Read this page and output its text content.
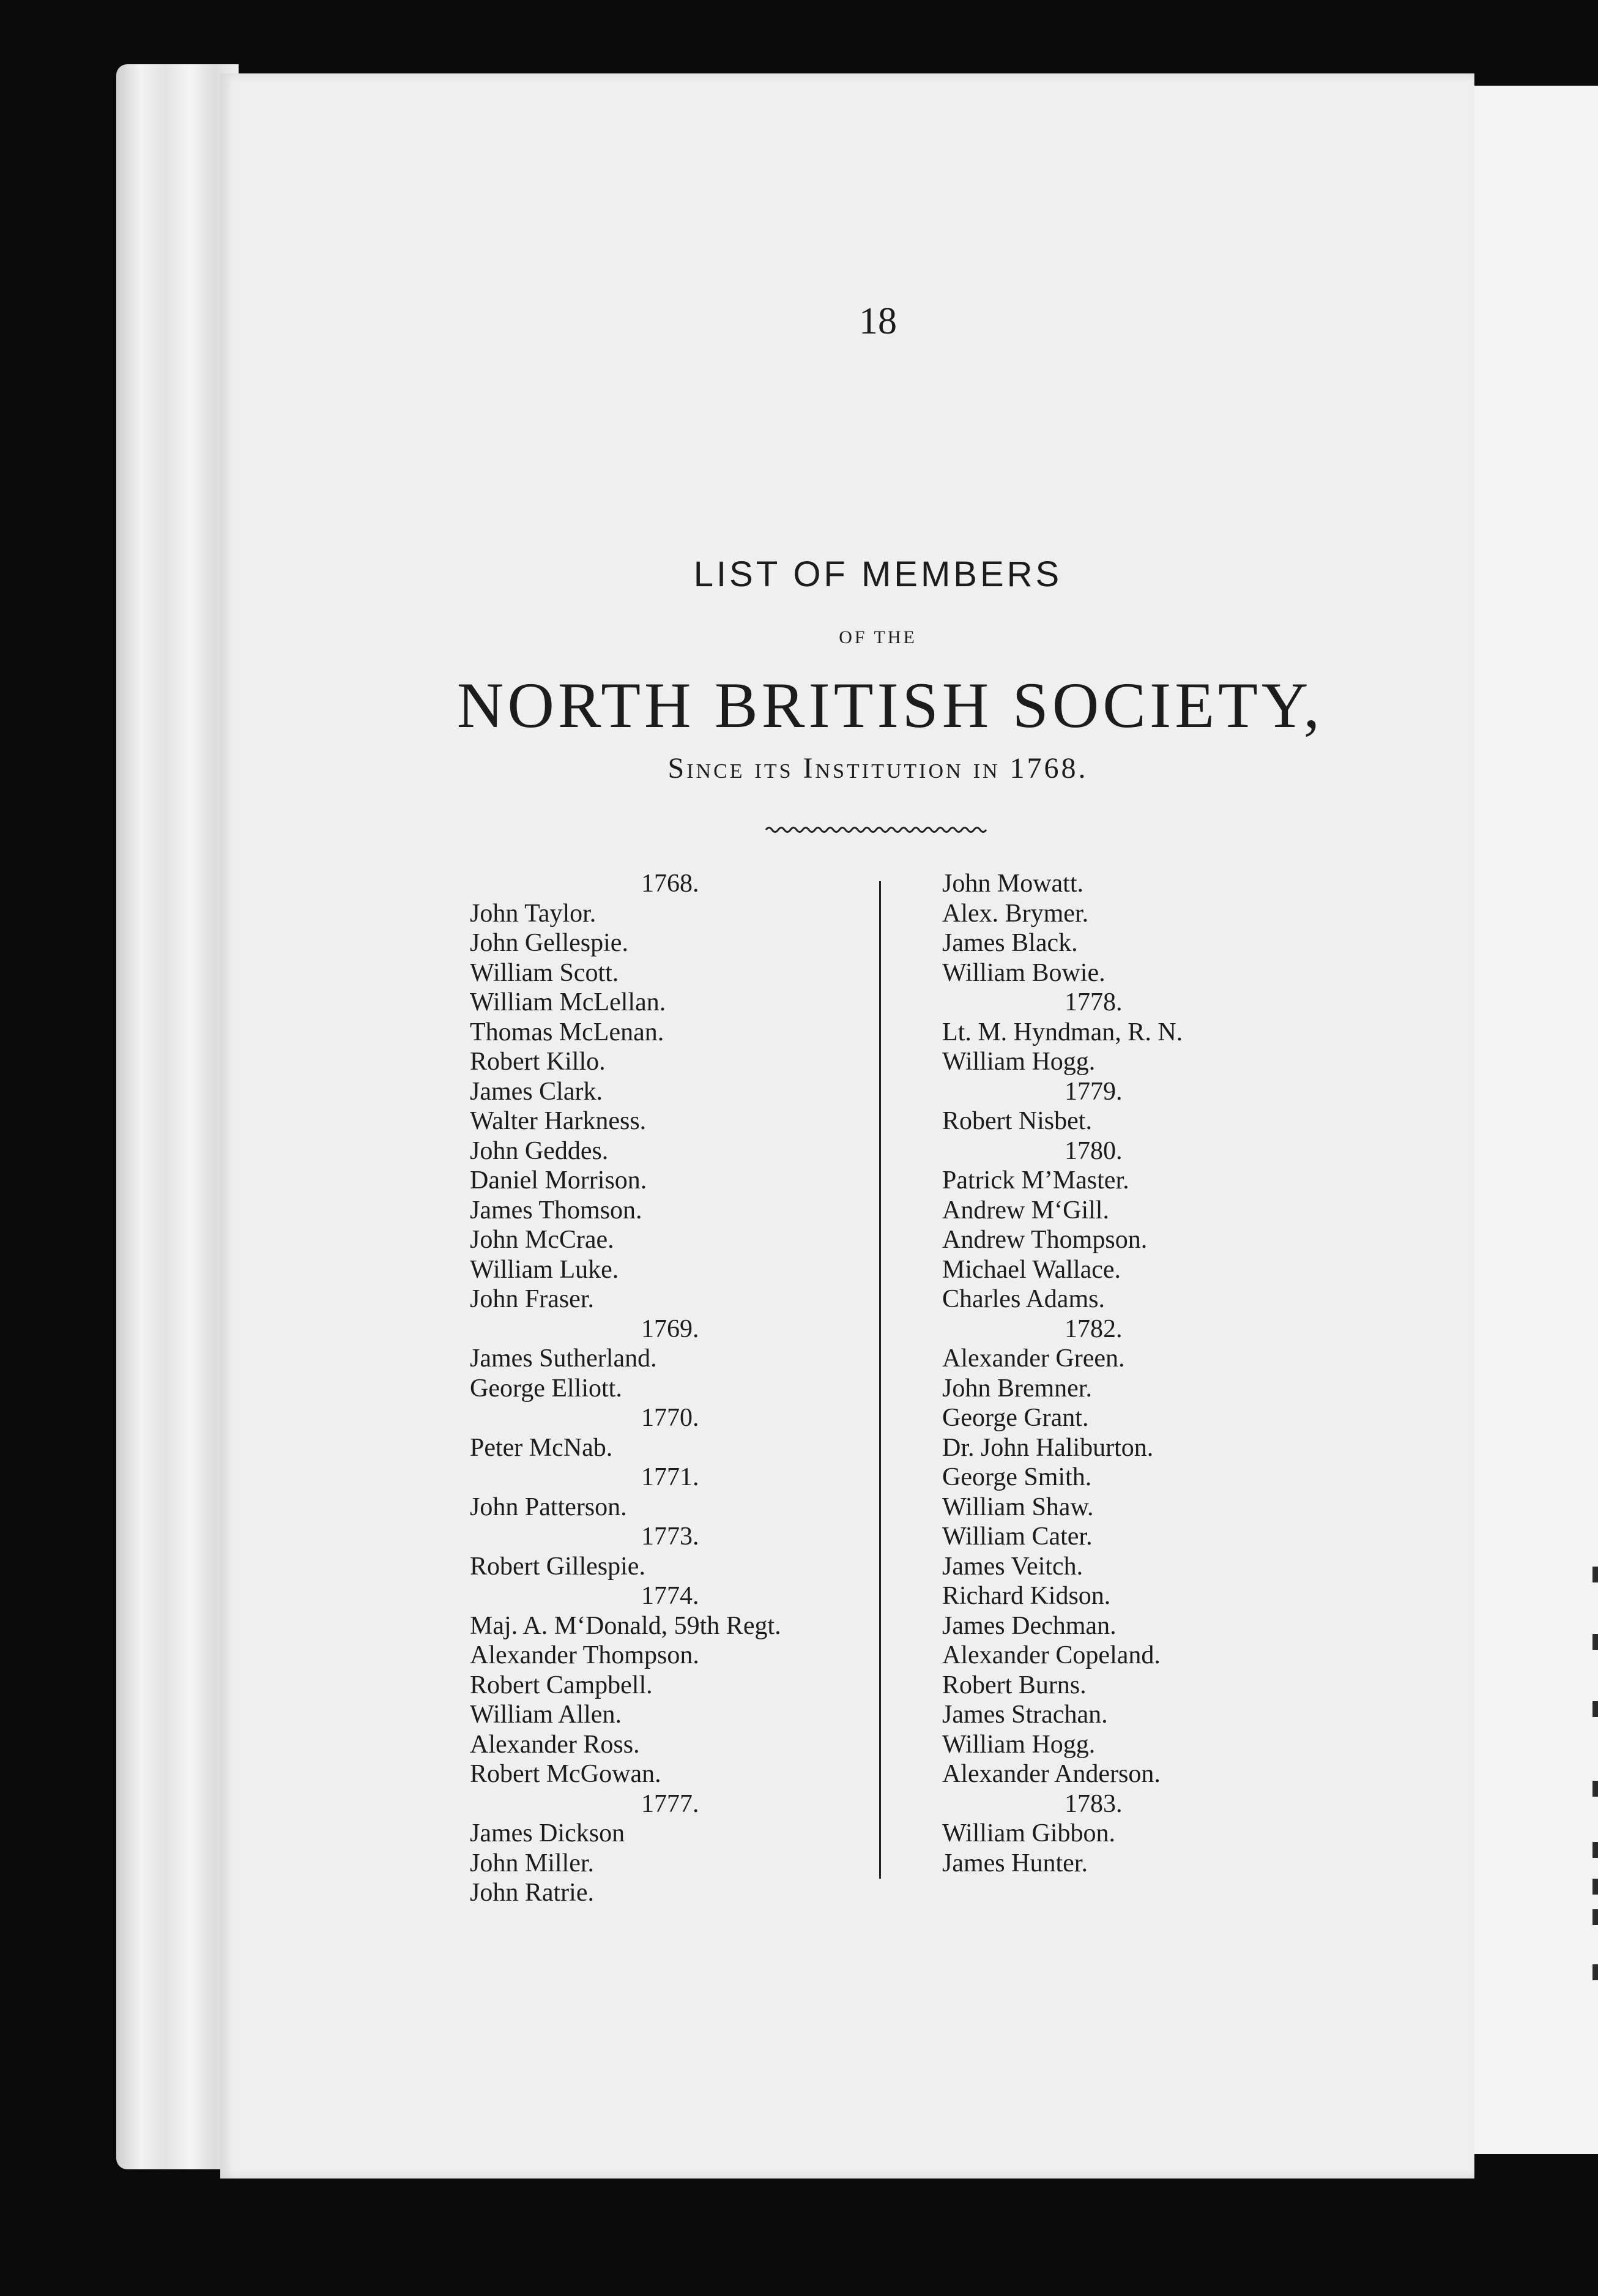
18
LIST OF MEMBERS
OF THE
NORTH BRITISH SOCIETY,
Since its Institution in 1768.
1768.
John Taylor.
John Gellespie.
William Scott.
William McLellan.
Thomas McLenan.
Robert Killo.
James Clark.
Walter Harkness.
John Geddes.
Daniel Morrison.
James Thomson.
John McCrae.
William Luke.
John Fraser.
1769.
James Sutherland.
George Elliott.
1770.
Peter McNab.
1771.
John Patterson.
1773.
Robert Gillespie.
1774.
Maj. A. M‘Donald, 59th Regt.
Alexander Thompson.
Robert Campbell.
William Allen.
Alexander Ross.
Robert McGowan.
1777.
James Dickson
John Miller.
John Ratrie.
John Mowatt.
Alex. Brymer.
James Black.
William Bowie.
1778.
Lt. M. Hyndman, R. N.
William Hogg.
1779.
Robert Nisbet.
1780.
Patrick M’Master.
Andrew M‘Gill.
Andrew Thompson.
Michael Wallace.
Charles Adams.
1782.
Alexander Green.
John Bremner.
George Grant.
Dr. John Haliburton.
George Smith.
William Shaw.
William Cater.
James Veitch.
Richard Kidson.
James Dechman.
Alexander Copeland.
Robert Burns.
James Strachan.
William Hogg.
Alexander Anderson.
1783.
William Gibbon.
James Hunter.
